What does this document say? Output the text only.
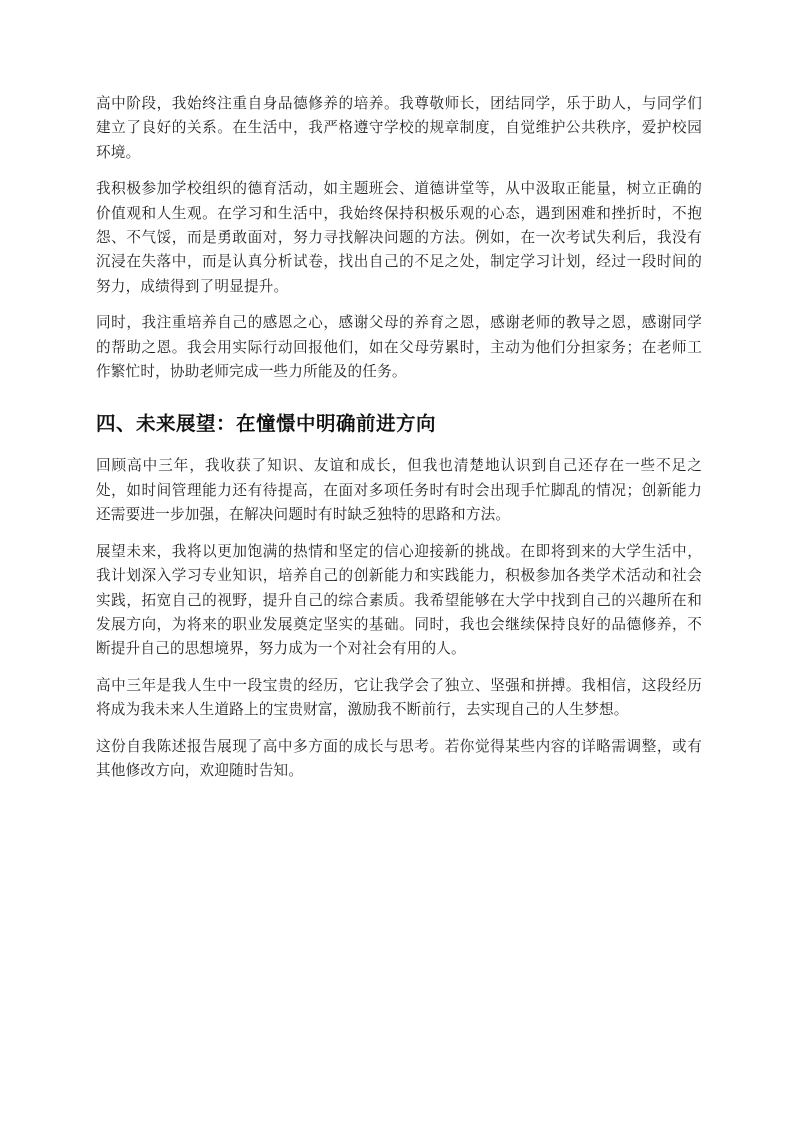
高中阶段，我始终注重自身品德修养的培养。我尊敬师长，团结同学，乐于助人，与同学们建立了良好的关系。在生活中，我严格遵守学校的规章制度，自觉维护公共秩序，爱护校园环境。

我积极参加学校组织的德育活动，如主题班会、道德讲堂等，从中汲取正能量，树立正确的价值观和人生观。在学习和生活中，我始终保持积极乐观的心态，遇到困难和挫折时，不抱怨、不气馁，而是勇敢面对，努力寻找解决问题的方法。例如，在一次考试失利后，我没有沉浸在失落中，而是认真分析试卷，找出自己的不足之处，制定学习计划，经过一段时间的努力，成绩得到了明显提升。

同时，我注重培养自己的感恩之心，感谢父母的养育之恩，感谢老师的教导之恩，感谢同学的帮助之恩。我会用实际行动回报他们，如在父母劳累时，主动为他们分担家务；在老师工作繁忙时，协助老师完成一些力所能及的任务。

四、未来展望：在憧憬中明确前进方向

回顾高中三年，我收获了知识、友谊和成长，但我也清楚地认识到自己还存在一些不足之处，如时间管理能力还有待提高，在面对多项任务时有时会出现手忙脚乱的情况；创新能力还需要进一步加强，在解决问题时有时缺乏独特的思路和方法。

展望未来，我将以更加饱满的热情和坚定的信心迎接新的挑战。在即将到来的大学生活中，我计划深入学习专业知识，培养自己的创新能力和实践能力，积极参加各类学术活动和社会实践，拓宽自己的视野，提升自己的综合素质。我希望能够在大学中找到自己的兴趣所在和发展方向，为将来的职业发展奠定坚实的基础。同时，我也会继续保持良好的品德修养，不断提升自己的思想境界，努力成为一个对社会有用的人。

高中三年是我人生中一段宝贵的经历，它让我学会了独立、坚强和拼搏。我相信，这段经历将成为我未来人生道路上的宝贵财富，激励我不断前行，去实现自己的人生梦想。

这份自我陈述报告展现了高中多方面的成长与思考。若你觉得某些内容的详略需调整，或有其他修改方向，欢迎随时告知。
